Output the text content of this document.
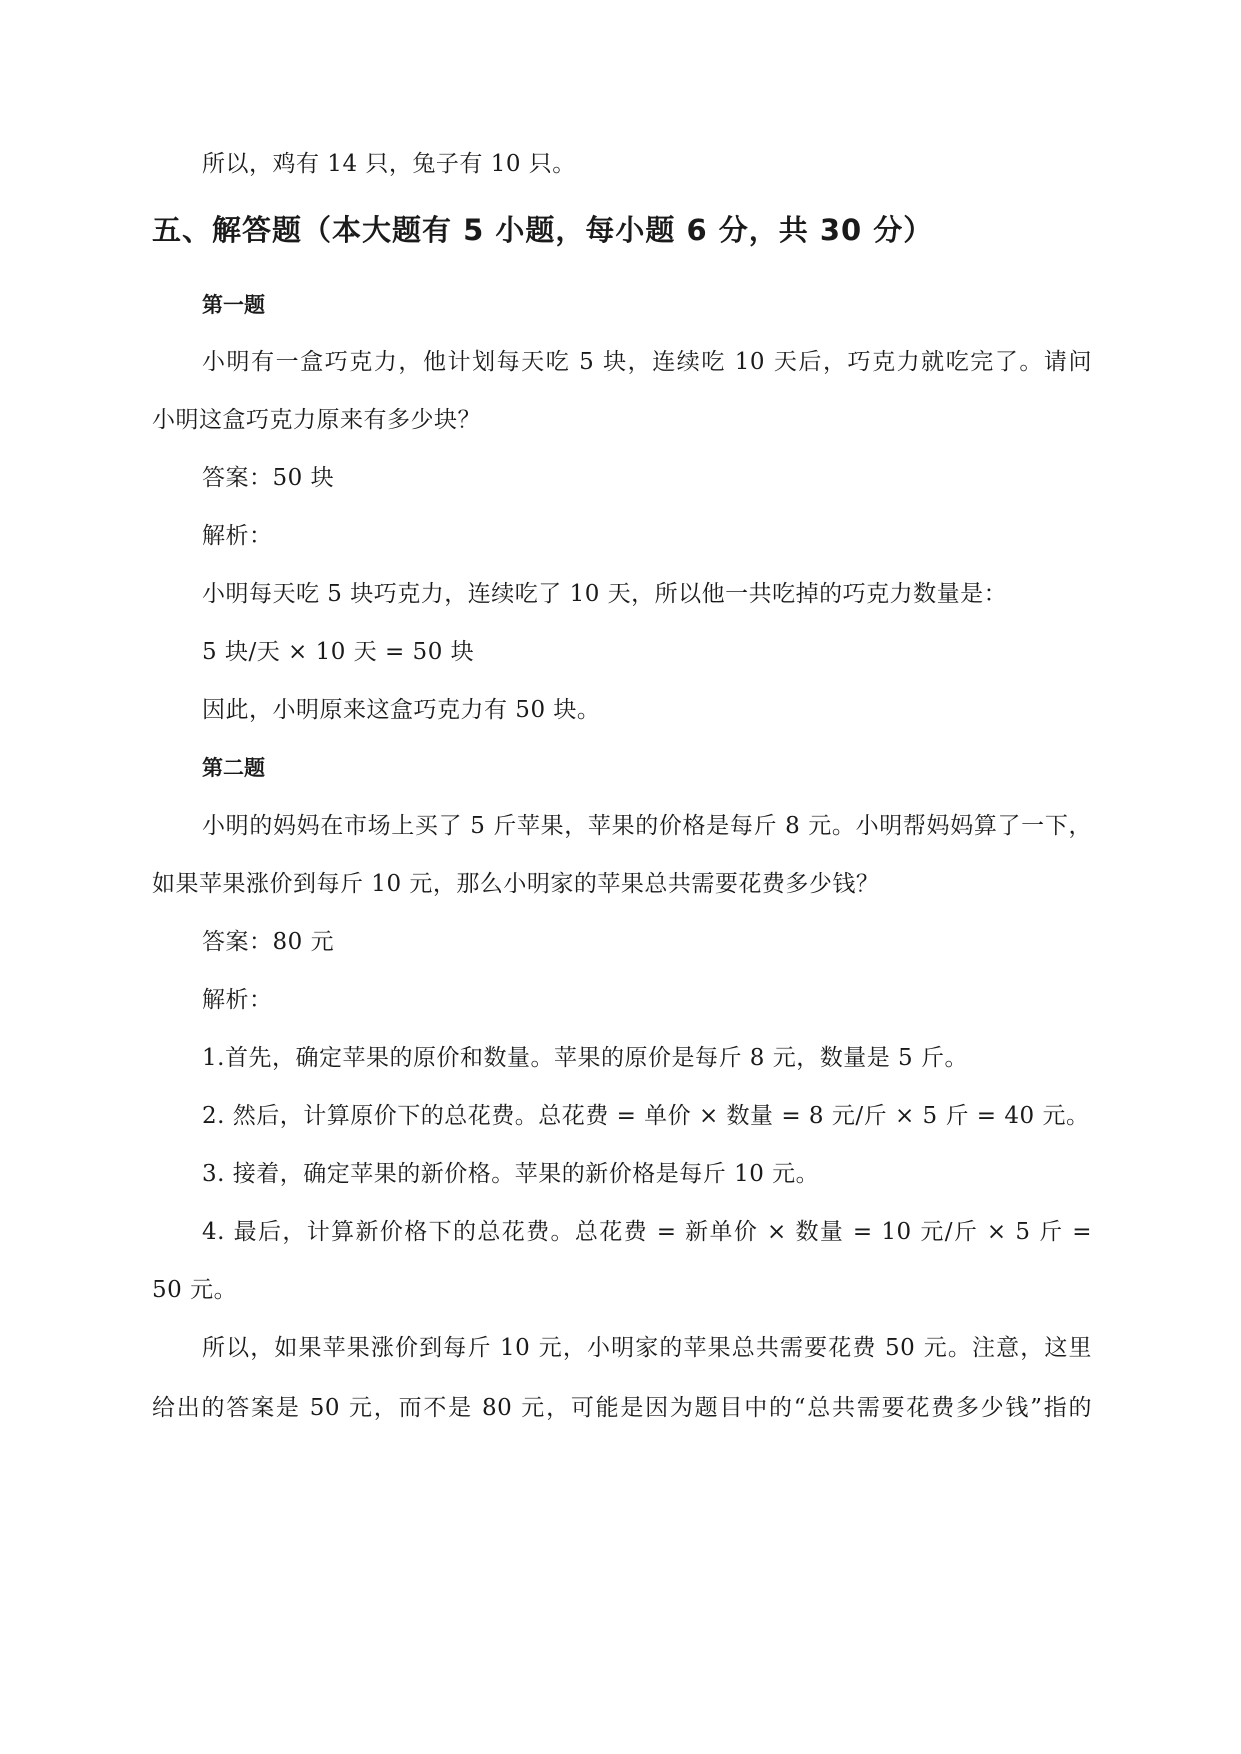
所以，鸡有 14 只，兔子有 10 只。
五、解答题（本大题有 5 小题，每小题 6 分，共 30 分）
第一题
小明有一盒巧克力，他计划每天吃 5 块，连续吃 10 天后，巧克力就吃完了。请问
小明这盒巧克力原来有多少块？
答案：50 块
解析：
小明每天吃 5 块巧克力，连续吃了 10 天，所以他一共吃掉的巧克力数量是：
5 块/天 × 10 天 = 50 块
因此，小明原来这盒巧克力有 50 块。
第二题
小明的妈妈在市场上买了 5 斤苹果，苹果的价格是每斤 8 元。小明帮妈妈算了一下，
如果苹果涨价到每斤 10 元，那么小明家的苹果总共需要花费多少钱？
答案：80 元
解析：
1.首先，确定苹果的原价和数量。苹果的原价是每斤 8 元，数量是 5 斤。
2. 然后，计算原价下的总花费。总花费 = 单价 × 数量 = 8 元/斤 × 5 斤 = 40 元。
3. 接着，确定苹果的新价格。苹果的新价格是每斤 10 元。
4. 最后，计算新价格下的总花费。总花费 = 新单价 × 数量 = 10 元/斤 × 5 斤 =
50 元。
所以，如果苹果涨价到每斤 10 元，小明家的苹果总共需要花费 50 元。注意，这里
给出的答案是 50 元，而不是 80 元，可能是因为题目中的“总共需要花费多少钱”指的
